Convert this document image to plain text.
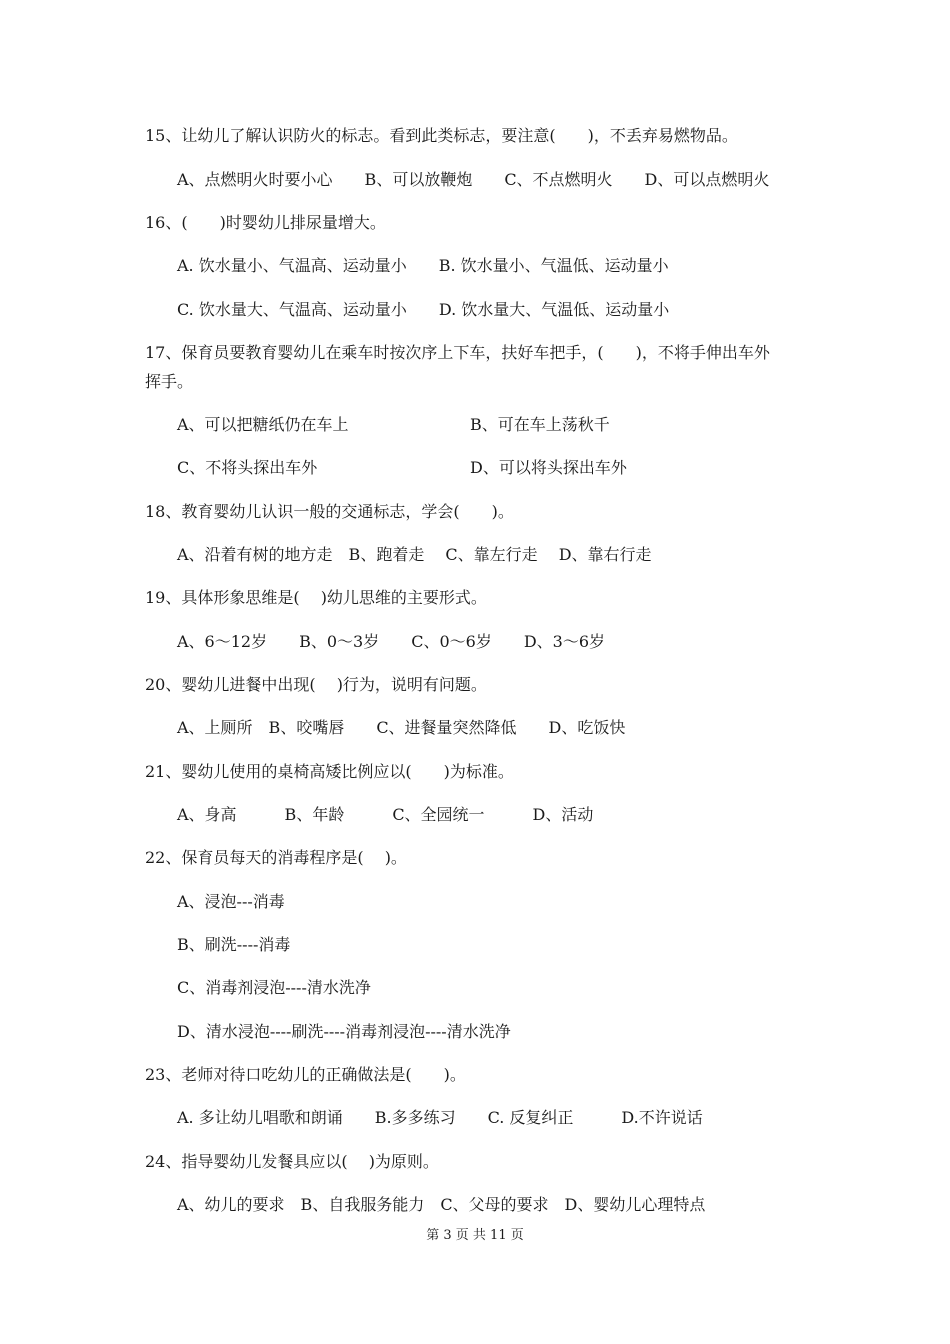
15、让幼儿了解认识防火的标志。看到此类标志，要注意(　　)，不丢弃易燃物品。

A、点燃明火时要小心　　B、可以放鞭炮　　C、不点燃明火　　D、可以点燃明火

16、(　　)时婴幼儿排尿量增大。

A. 饮水量小、气温高、运动量小　　B. 饮水量小、气温低、运动量小

C. 饮水量大、气温高、运动量小　　D. 饮水量大、气温低、运动量小

17、保育员要教育婴幼儿在乘车时按次序上下车，扶好车把手，(　　)，不将手伸出车外

挥手。

A、可以把糖纸仍在车上	B、可在车上荡秋千

C、不将头探出车外	D、可以将头探出车外

18、教育婴幼儿认识一般的交通标志，学会(　　)。

A、沿着有树的地方走　B、跑着走　 C、靠左行走　 D、靠右行走

19、具体形象思维是(　 )幼儿思维的主要形式。

A、6～12岁　　B、0～3岁　　C、0～6岁　　D、3～6岁

20、婴幼儿进餐中出现(　 )行为，说明有问题。

A、上厕所　B、咬嘴唇　　C、进餐量突然降低　　D、吃饭快

21、婴幼儿使用的桌椅高矮比例应以(　　)为标准。

A、身高　　　B、年龄　　　C、全园统一　　　D、活动

22、保育员每天的消毒程序是(　 )。

A、浸泡---消毒

B、刷洗----消毒

C、消毒剂浸泡----清水洗净

D、清水浸泡----刷洗----消毒剂浸泡----清水洗净

23、老师对待口吃幼儿的正确做法是(　　)。

A. 多让幼儿唱歌和朗诵　　B.多多练习　　C. 反复纠正　　　D.不许说话

24、指导婴幼儿发餐具应以(　 )为原则。

A、幼儿的要求　B、自我服务能力　C、父母的要求　D、婴幼儿心理特点

第 3 页 共 11 页
